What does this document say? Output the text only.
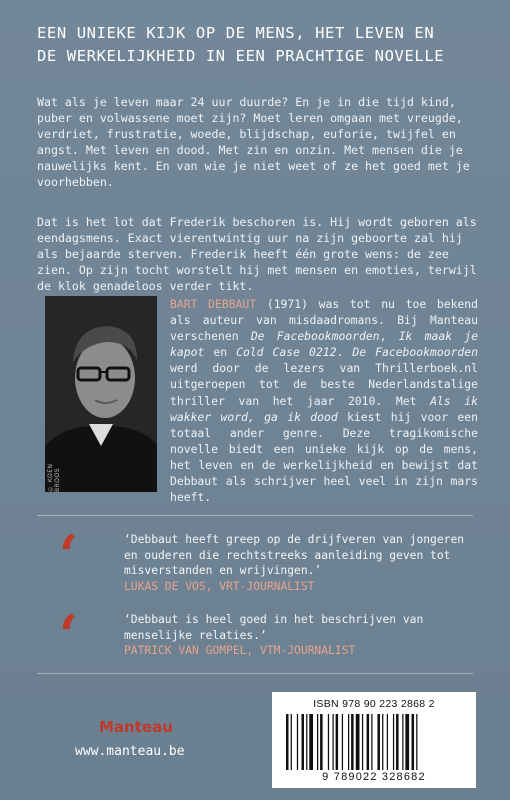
EEN UNIEKE KIJK OP DE MENS, HET LEVEN EN
DE WERKELIJKHEID IN EEN PRACHTIGE NOVELLE
Wat als je leven maar 24 uur duurde? En je in die tijd kind, puber en volwassene moet zijn? Moet leren omgaan met vreugde, verdriet, frustratie, woede, blijdschap, euforie, twijfel en angst. Met leven en dood. Met zin en onzin. Met mensen die je nauwelijks kent. En van wie je niet weet of ze het goed met je voorhebben.
Dat is het lot dat Frederik beschoren is. Hij wordt geboren als eendagsmens. Exact vierentwintig uur na zijn geboorte zal hij als bejaarde sterven. Frederik heeft één grote wens: de zee zien. Op zijn tocht worstelt hij met mensen en emoties, terwijl de klok genadeloos verder tikt.
© KOEN BROOS
BART DEBBAUT (1971) was tot nu toe bekend als auteur van misdaadromans. Bij Manteau verschenen De Facebookmoorden, Ik maak je kapot en Cold Case 0212. De Facebookmoorden werd door de lezers van Thrillerboek.nl uitgeroepen tot de beste Nederlandstalige thriller van het jaar 2010. Met Als ik wakker word, ga ik dood kiest hij voor een totaal ander genre. Deze tragikomische novelle biedt een unieke kijk op de mens, het leven en de werkelijkheid en bewijst dat Debbaut als schrijver heel veel in zijn mars heeft.
‘	‘Debbaut heeft greep op de drijfveren van jongeren en ouderen die rechtstreeks aanleiding geven tot misverstanden en wrijvingen.’
LUKAS DE VOS, VRT-JOURNALIST
‘	‘Debbaut is heel goed in het beschrijven van menselijke relaties.’
PATRICK VAN GOMPEL, VTM-JOURNALIST
Manteau
www.manteau.be
ISBN 978 90 223 2868 2
9 789022 328682
